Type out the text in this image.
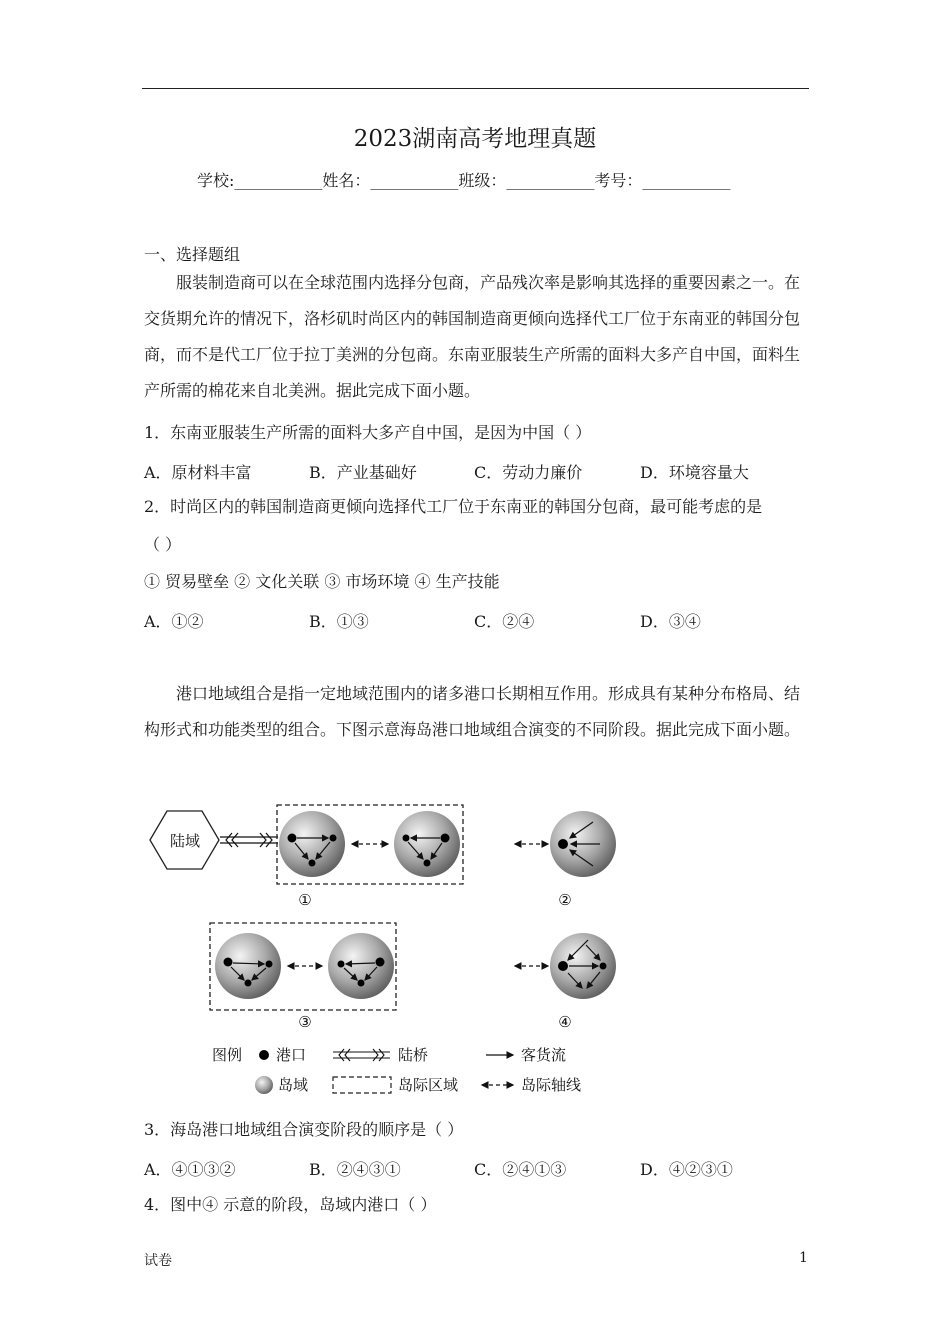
2023湖南高考地理真题
学校:___________姓名：___________班级：___________考号：___________
一、选择题组

服装制造商可以在全球范围内选择分包商，产品残次率是影响其选择的重要因素之一。在交货期允许的情况下，洛杉矶时尚区内的韩国制造商更倾向选择代工厂位于东南亚的韩国分包商，而不是代工厂位于拉丁美洲的分包商。东南亚服装生产所需的面料大多产自中国，面料生产所需的棉花来自北美洲。据此完成下面小题。

1．东南亚服装生产所需的面料大多产自中国，是因为中国（ ）
A．原材料丰富	B．产业基础好	C．劳动力廉价	D．环境容量大
2．时尚区内的韩国制造商更倾向选择代工厂位于东南亚的韩国分包商，最可能考虑的是
（ ）
① 贸易壁垒 ② 文化关联 ③ 市场环境 ④ 生产技能
A．①②	B．①③	C．②④	D．③④

港口地域组合是指一定地域范围内的诸多港口长期相互作用。形成具有某种分布格局、结构形式和功能类型的组合。下图示意海岛港口地域组合演变的不同阶段。据此完成下面小题。

陆域
①	②
③	④
图例 港口	陆桥	客货流
岛域	岛际区域	岛际轴线
3．海岛港口地域组合演变阶段的顺序是（ ）
A．④①③②	B．②④③①	C．②④①③	D．④②③①
4．图中④ 示意的阶段，岛域内港口（ ）
试卷	1
